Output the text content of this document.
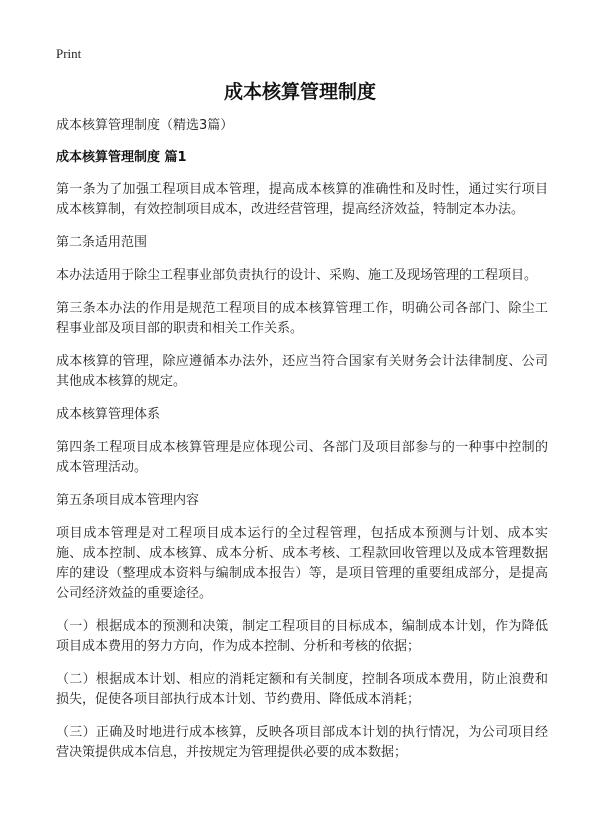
Print
成本核算管理制度

成本核算管理制度（精选3篇）

成本核算管理制度 篇1

第一条为了加强工程项目成本管理，提高成本核算的准确性和及时性，通过实行项目成本核算制，有效控制项目成本，改进经营管理，提高经济效益，特制定本办法。

第二条适用范围

本办法适用于除尘工程事业部负责执行的设计、采购、施工及现场管理的工程项目。

第三条本办法的作用是规范工程项目的成本核算管理工作，明确公司各部门、除尘工程事业部及项目部的职责和相关工作关系。

成本核算的管理，除应遵循本办法外，还应当符合国家有关财务会计法律制度、公司其他成本核算的规定。

成本核算管理体系

第四条工程项目成本核算管理是应体现公司、各部门及项目部参与的一种事中控制的成本管理活动。

第五条项目成本管理内容

项目成本管理是对工程项目成本运行的全过程管理，包括成本预测与计划、成本实施、成本控制、成本核算、成本分析、成本考核、工程款回收管理以及成本管理数据库的建设（整理成本资料与编制成本报告）等，是项目管理的重要组成部分，是提高公司经济效益的重要途径。

（一）根据成本的预测和决策，制定工程项目的目标成本，编制成本计划，作为降低项目成本费用的努力方向，作为成本控制、分析和考核的依据；

（二）根据成本计划、相应的消耗定额和有关制度，控制各项成本费用，防止浪费和损失，促使各项目部执行成本计划、节约费用、降低成本消耗；

（三）正确及时地进行成本核算，反映各项目部成本计划的执行情况，为公司项目经营决策提供成本信息，并按规定为管理提供必要的成本数据；
